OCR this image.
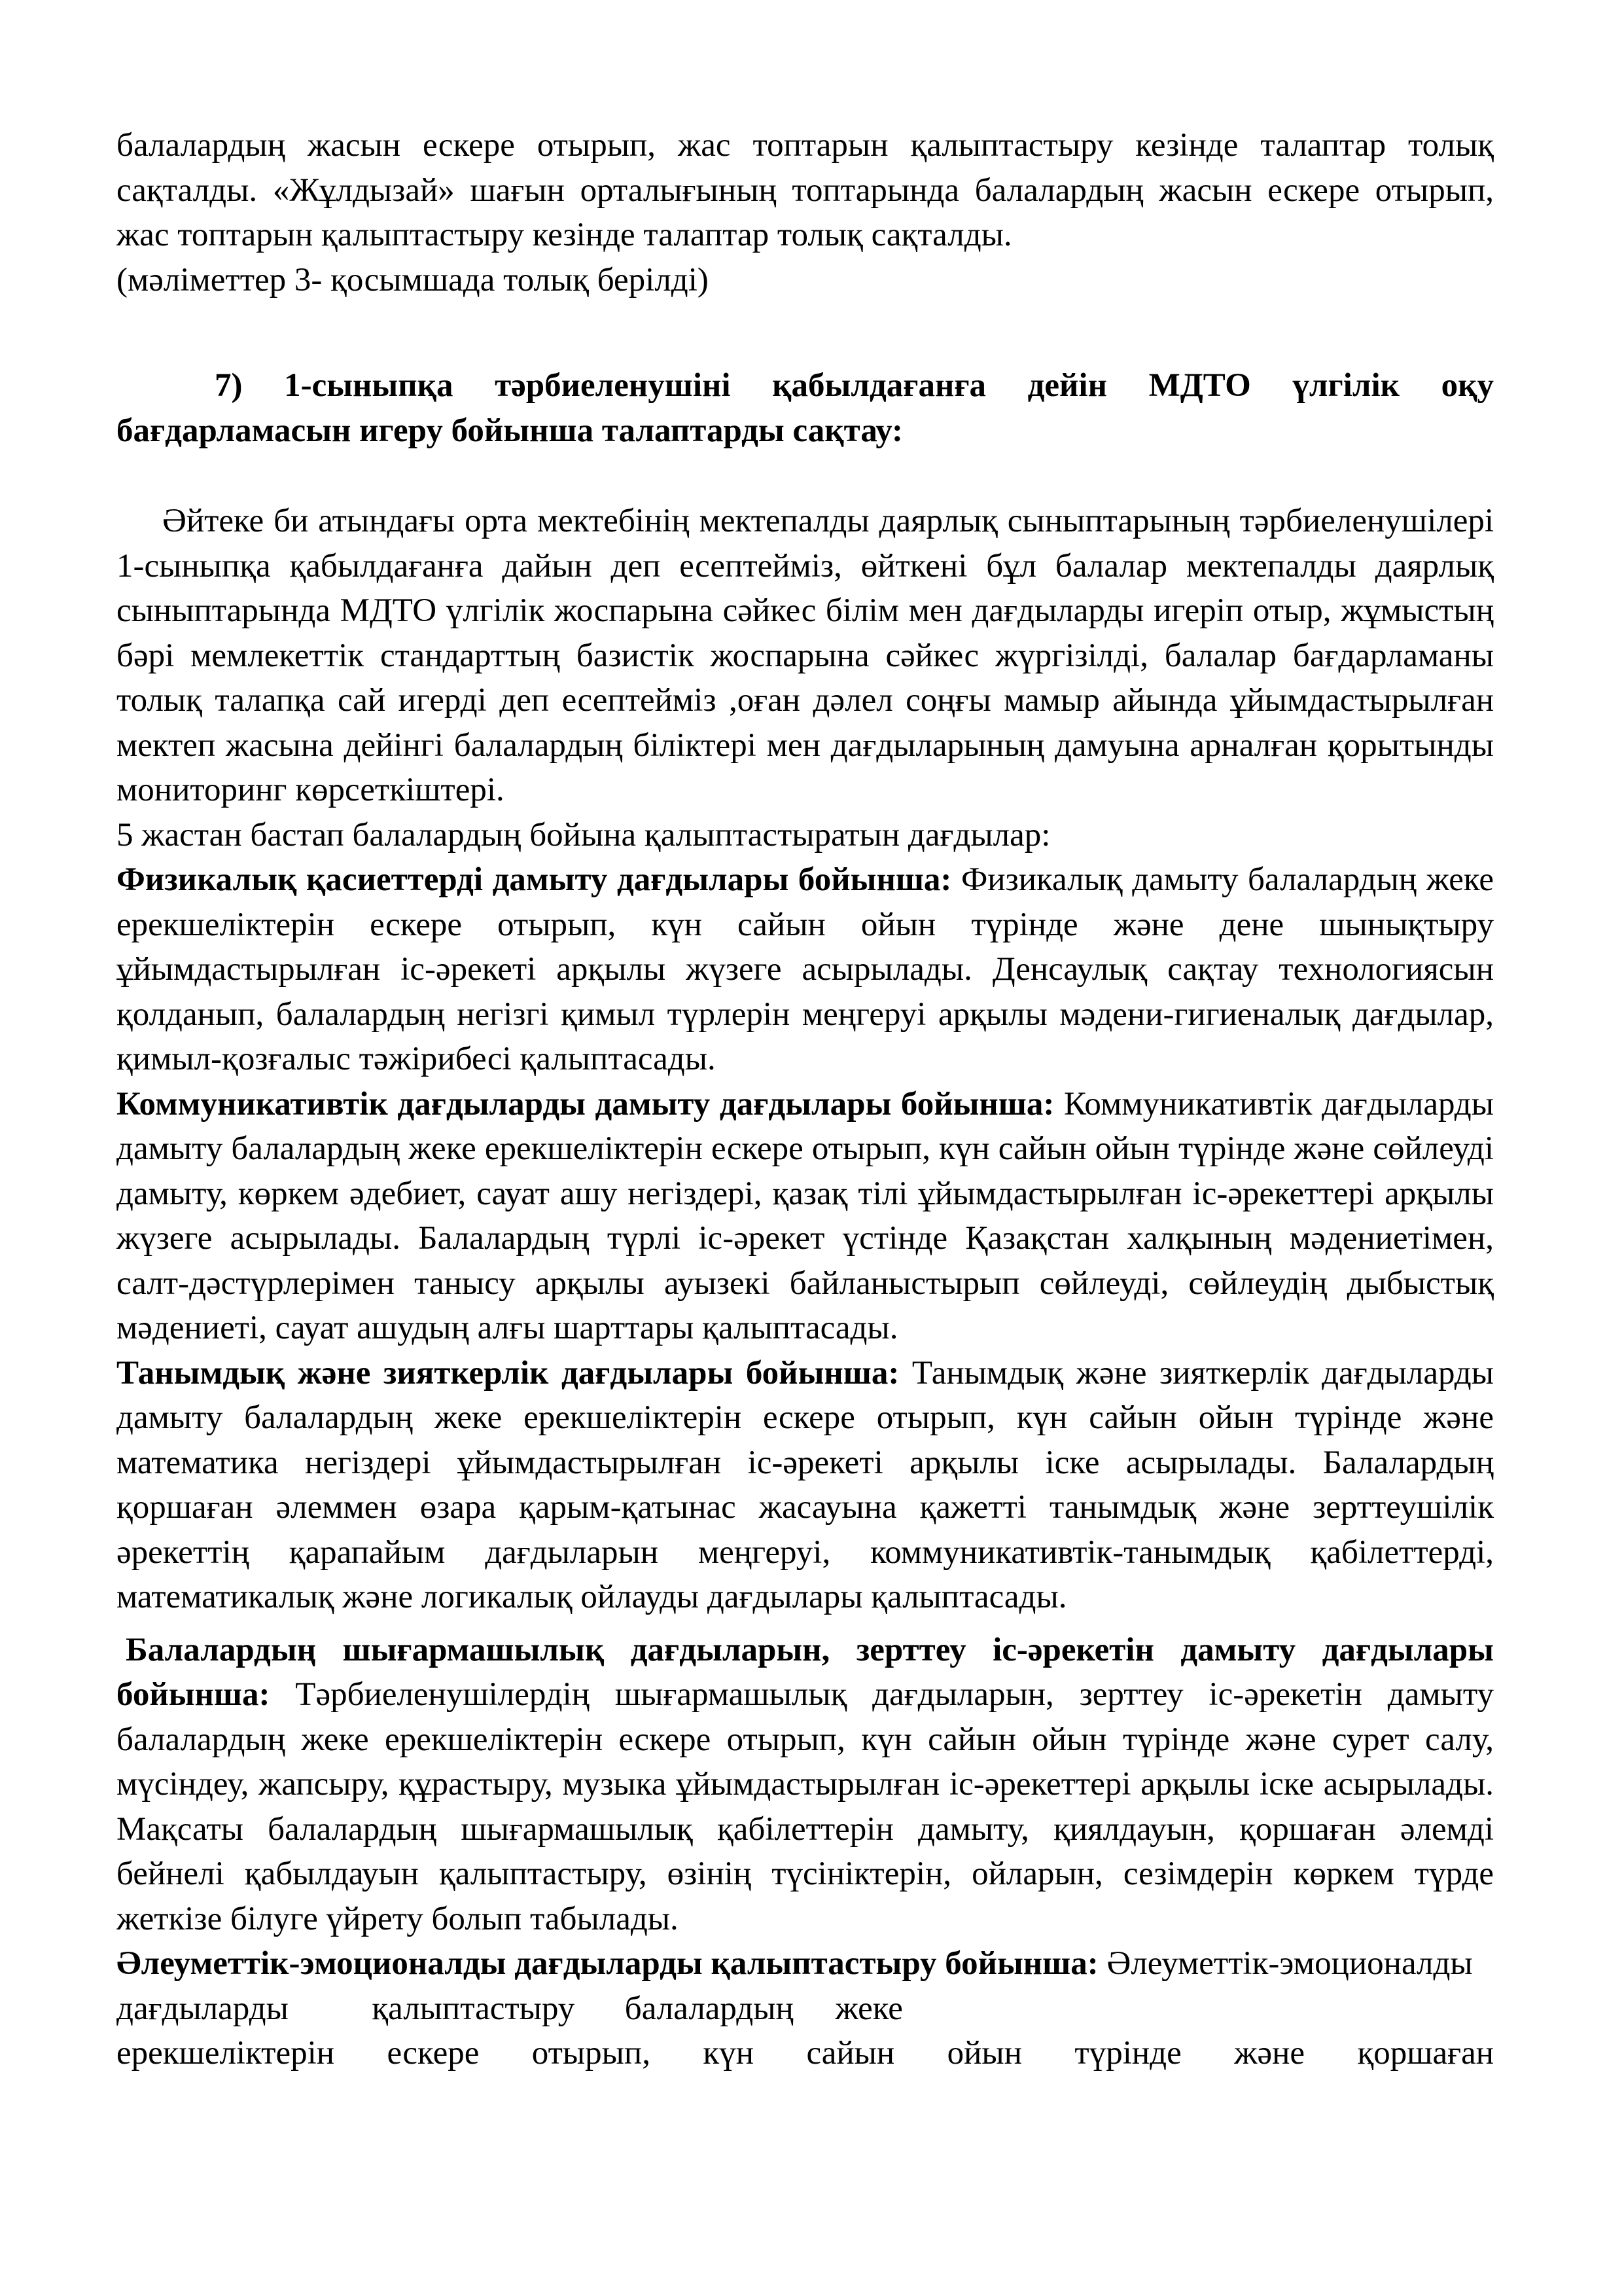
балалардың жасын ескере отырып, жас топтарын қалыптастыру кезінде талаптар толық сақталды. «Жұлдызай» шағын орталығының топтарында балалардың жасын ескере отырып, жас топтарын қалыптастыру кезінде талаптар толық сақталды.

(мәліметтер 3- қосымшада толық берілді)

7) 1-сыныпқа тәрбиеленушіні қабылдағанға дейін МДТО үлгілік оқу бағдарламасын игеру бойынша талаптарды сақтау:

Әйтеке би атындағы орта мектебінің мектепалды даярлық сыныптарының тәрбиеленушілері 1-сыныпқа қабылдағанға дайын деп есептейміз, өйткені бұл балалар мектепалды даярлық сыныптарында МДТО үлгілік жоспарына сәйкес білім мен дағдыларды игеріп отыр, жұмыстың бәрі мемлекеттік стандарттың базистік жоспарына сәйкес жүргізілді, балалар бағдарламаны толық талапқа сай игерді деп есептейміз ,оған дәлел соңғы мамыр айында ұйымдастырылған мектеп жасына дейінгі балалардың біліктері мен дағдыларының дамуына арналған қорытынды мониторинг көрсеткіштері.

5 жастан бастап балалардың бойына қалыптастыратын дағдылар:

Физикалық қасиеттерді дамыту дағдылары бойынша: Физикалық дамыту балалардың жеке ерекшеліктерін ескере отырып, күн сайын ойын түрінде және дене шынықтыру ұйымдастырылған іс-әрекеті арқылы жүзеге асырылады. Денсаулық сақтау технологиясын қолданып, балалардың негізгі қимыл түрлерін меңгеруі арқылы мәдени-гигиеналық дағдылар, қимыл-қозғалыс тәжірибесі қалыптасады.

Коммуникативтік дағдыларды дамыту дағдылары бойынша: Коммуникативтік дағдыларды дамыту балалардың жеке ерекшеліктерін ескере отырып, күн сайын ойын түрінде және сөйлеуді дамыту, көркем әдебиет, сауат ашу негіздері, қазақ тілі ұйымдастырылған іс-әрекеттері арқылы жүзеге асырылады. Балалардың түрлі іс-әрекет үстінде Қазақстан халқының мәдениетімен, салт-дәстүрлерімен танысу арқылы ауызекі байланыстырып сөйлеуді, сөйлеудің дыбыстық мәдениеті, сауат ашудың алғы шарттары қалыптасады.

Танымдық және зияткерлік дағдылары бойынша: Танымдық және зияткерлік дағдыларды дамыту балалардың жеке ерекшеліктерін ескере отырып, күн сайын ойын түрінде және математика негіздері ұйымдастырылған іс-әрекеті арқылы іске асырылады. Балалардың қоршаған әлеммен өзара қарым-қатынас жасауына қажетті танымдық және зерттеушілік әрекеттің қарапайым дағдыларын меңгеруі, коммуникативтік-танымдық қабілеттерді, математикалық және логикалық ойлауды дағдылары қалыптасады.

Балалардың шығармашылық дағдыларын, зерттеу іс-әрекетін дамыту дағдылары бойынша: Тәрбиеленушілердің шығармашылық дағдыларын, зерттеу іс-әрекетін дамыту балалардың жеке ерекшеліктерін ескере отырып, күн сайын ойын түрінде және сурет салу, мүсіндеу, жапсыру, құрастыру, музыка ұйымдастырылған іс-әрекеттері арқылы іске асырылады. Мақсаты балалардың шығармашылық қабілеттерін дамыту, қиялдауын, қоршаған әлемді бейнелі қабылдауын қалыптастыру, өзінің түсініктерін, ойларын, сезімдерін көркем түрде жеткізе білуге үйрету болып табылады.

Әлеуметтік-эмоционалды дағдыларды қалыптастыру бойынша: Әлеуметтік-эмоционалды дағдыларды          қалыптастыру      балалардың     жеке

ерекшеліктерін ескере отырып, күн сайын ойын түрінде және қоршаған
